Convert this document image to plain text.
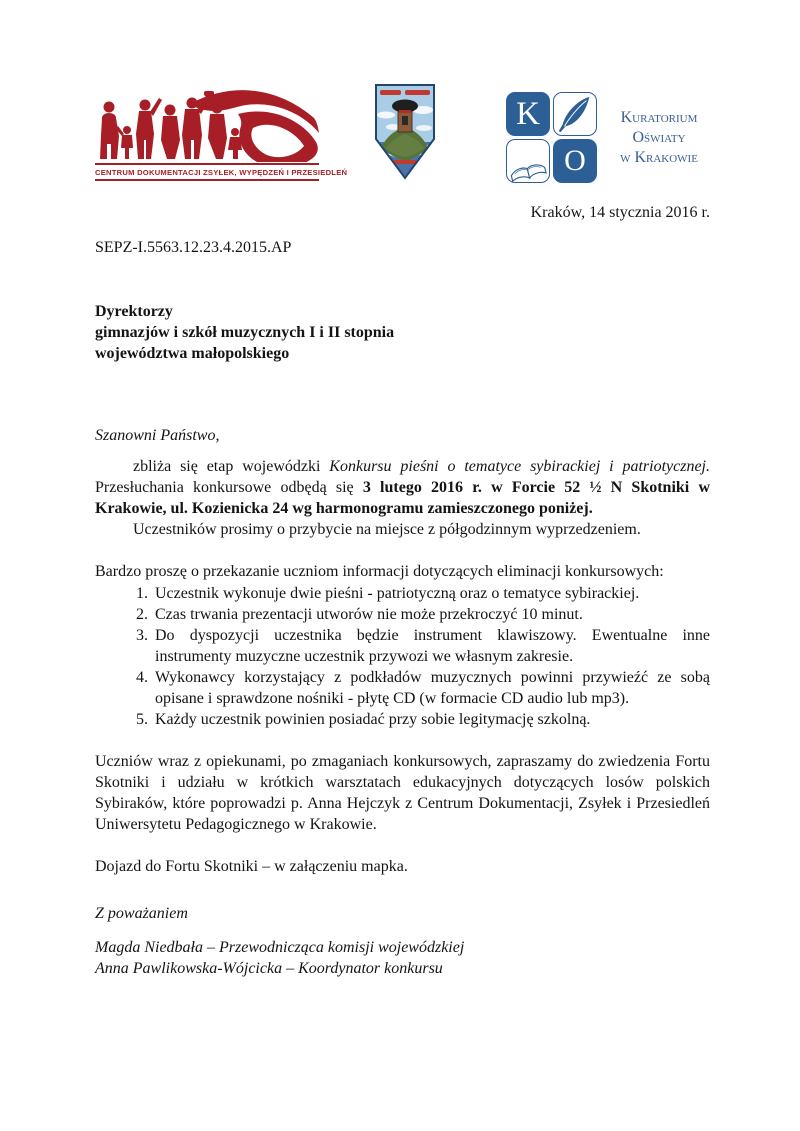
CENTRUM DOKUMENTACJI ZSYŁEK, WYPĘDZEŃ I PRZESIEDLEŃ
K
O
Kuratorium
Oświaty
w Krakowie
Kraków, 14 stycznia 2016 r.
SEPZ-I.5563.12.23.4.2015.AP
Dyrektorzy
gimnazjów i szkół muzycznych I i II stopnia
województwa małopolskiego
Szanowni Państwo,

zbliża się etap wojewódzki Konkursu pieśni o tematyce sybirackiej i patriotycznej. Przesłuchania konkursowe odbędą się 3 lutego 2016 r. w Forcie 52 ½ N Skotniki w Krakowie, ul. Kozienicka 24 wg harmonogramu zamieszczonego poniżej.

Uczestników prosimy o przybycie na miejsce z półgodzinnym wyprzedzeniem.

Bardzo proszę o przekazanie uczniom informacji dotyczących eliminacji konkursowych:

1. Uczestnik wykonuje dwie pieśni - patriotyczną oraz o tematyce sybirackiej.
2. Czas trwania prezentacji utworów nie może przekroczyć 10 minut.
3. Do dyspozycji uczestnika będzie instrument klawiszowy. Ewentualne inne instrumenty muzyczne uczestnik przywozi we własnym zakresie.
4. Wykonawcy korzystający z podkładów muzycznych powinni przywieźć ze sobą opisane i sprawdzone nośniki - płytę CD (w formacie CD audio lub mp3).
5. Każdy uczestnik powinien posiadać przy sobie legitymację szkolną.

Uczniów wraz z opiekunami, po zmaganiach konkursowych, zapraszamy do zwiedzenia Fortu Skotniki i udziału w krótkich warsztatach edukacyjnych dotyczących losów polskich Sybiraków, które poprowadzi p. Anna Hejczyk z Centrum Dokumentacji, Zsyłek i Przesiedleń Uniwersytetu Pedagogicznego w Krakowie.

Dojazd do Fortu Skotniki – w załączeniu mapka.

Z poważaniem
Magda Niedbała – Przewodnicząca komisji wojewódzkiej
Anna Pawlikowska-Wójcicka – Koordynator konkursu
